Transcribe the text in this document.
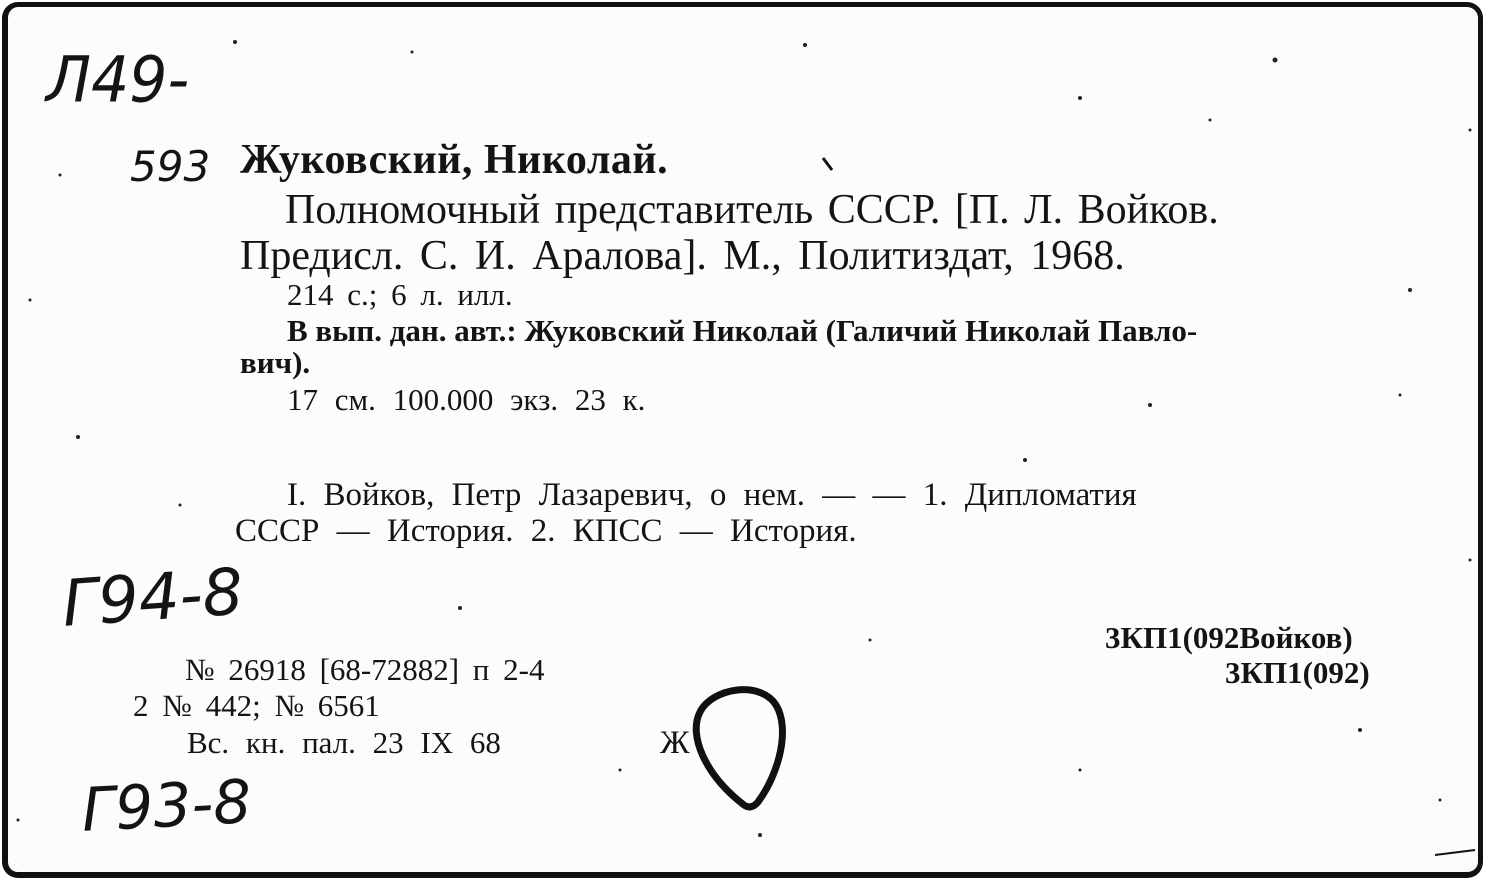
Л49-
593 Жуковский, Николай.
Полномочный представитель СССР. [П. Л. Войков.
Предисл. С. И. Аралова]. М., Политиздат, 1968.
214 с.; 6 л. илл.
В вып. дан. авт.: Жуковский Николай (Галичий Николай Павло-
вич).
17 см. 100.000 экз. 23 к.
I. Войков, Петр Лазаревич, о нем. — — 1. Дипломатия
СССР — История. 2. КПСС — История.
Г94-8
Г93-8
3КП1(092Войков)
3КП1(092)
№ 26918 [68-72882] п 2-4
2 № 442; № 6561
Вс. кн. пал. 23 IX 68	Ж
